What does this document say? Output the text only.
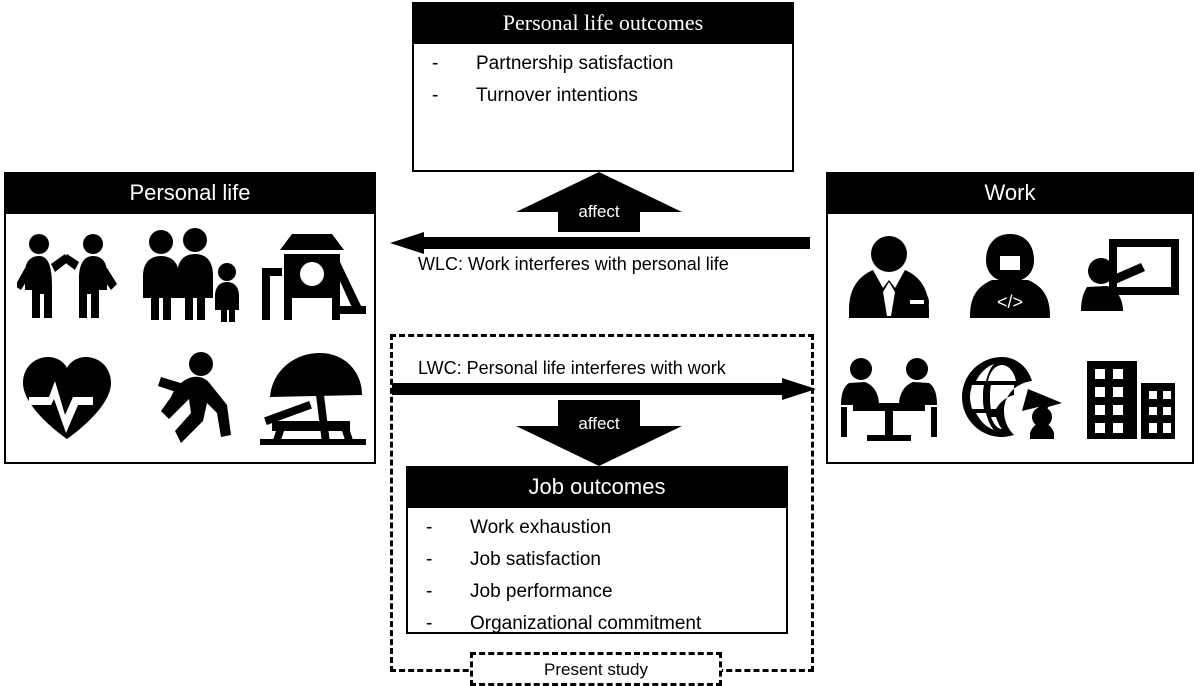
Personal life outcomes
- Partnership satisfaction
- Turnover intentions
Job outcomes
- Work exhaustion
- Job satisfaction
- Job performance
- Organizational commitment
Personal life	Work
</>
WLC: Work interferes with personal life
LWC: Personal life interferes with work
affect
affect
Present study
